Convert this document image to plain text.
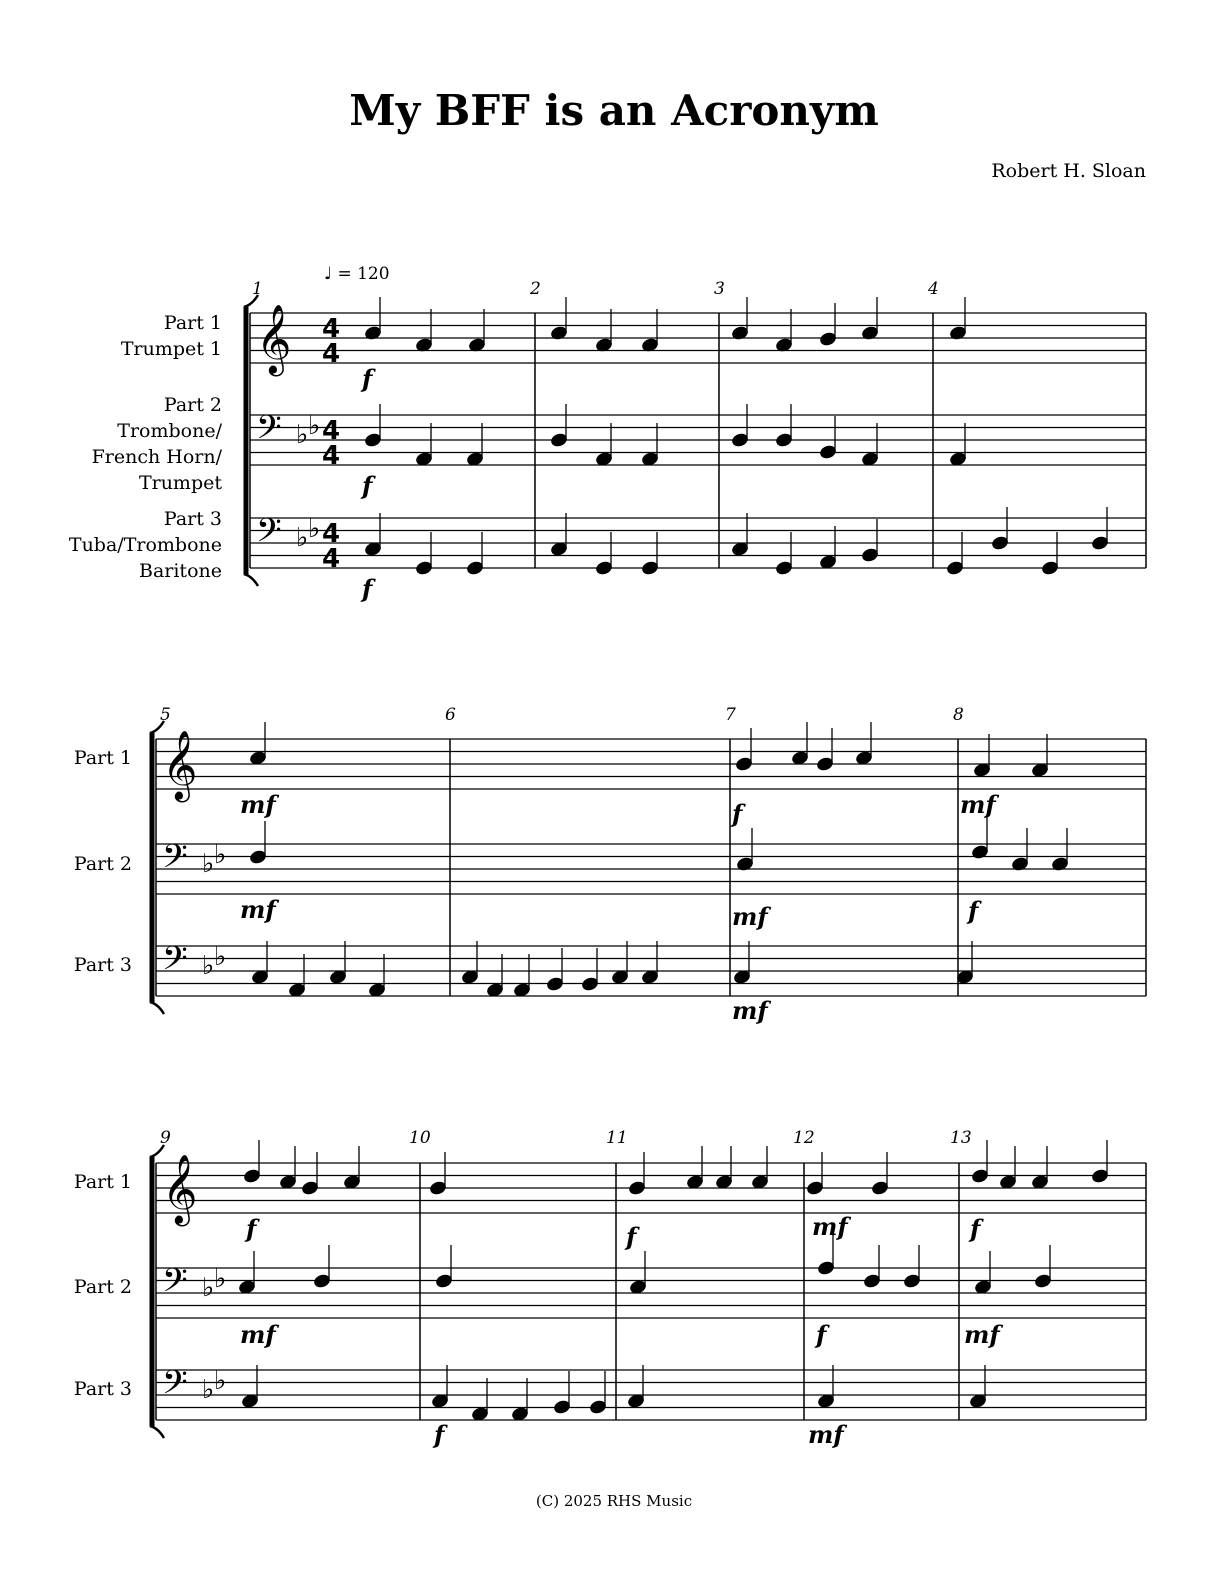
My BFF is an Acronym
Robert H. Sloan
♩ = 120
(C) 2025 RHS Music
Part 1
Trumpet 1
Part 2
Trombone/
French Horn/
Trumpet
Part 3
Tuba/Trombone
Baritone
Part 1
Part 2
Part 3
Part 1
Part 2
Part 3
1	2	3	4
5	6	7	8
9	10	11	12	13
f
f
f
mf
mf
f
mf
mf
mf
f
f
mf
f
f	mf
f
mf
f
mf
𝄞 4
4
𝄢 ♭ ♭ 4
4
𝄢 ♭ ♭ 4
4
𝄞
𝄢 ♭ ♭
𝄢 ♭ ♭
𝄞
𝄢 ♭ ♭
𝄢 ♭ ♭
